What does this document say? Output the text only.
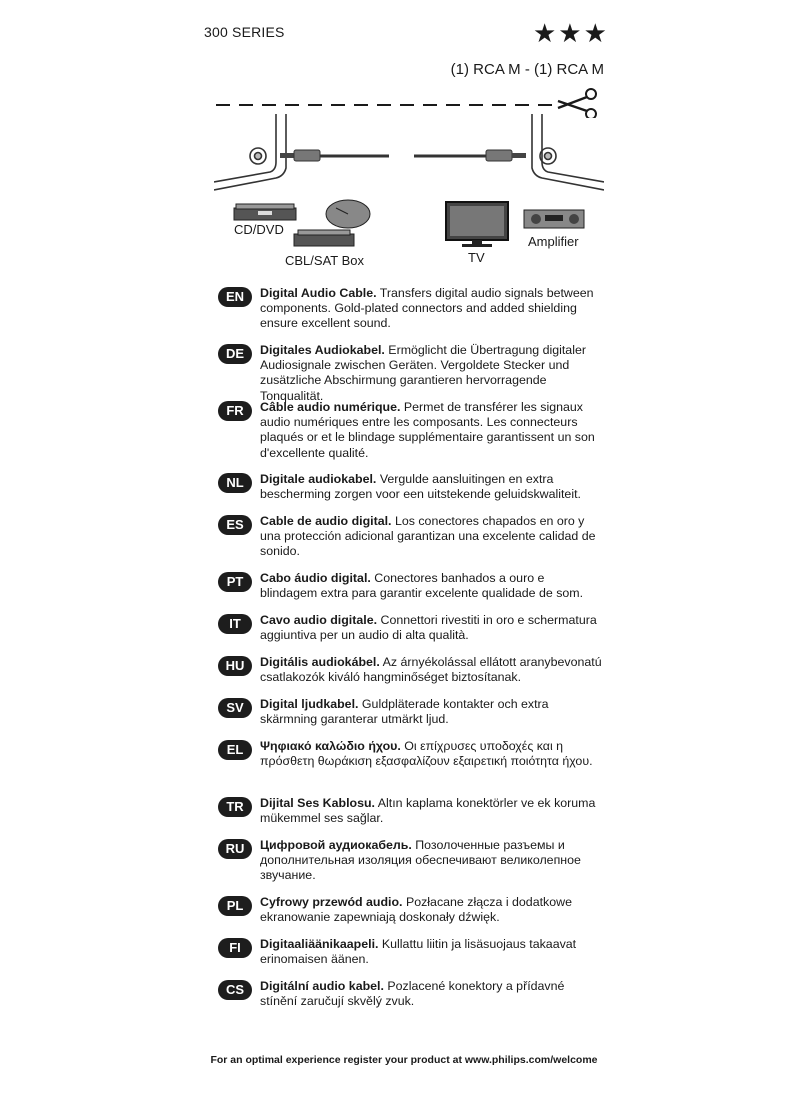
300 SERIES	★★★
(1) RCA M - (1) RCA M
CD/DVD
CBL/SAT Box	TV
Amplifier
EN	Digital Audio Cable. Transfers digital audio signals between components. Gold-plated connectors and added shielding ensure excellent sound.
DE	Digitales Audiokabel. Ermöglicht die Übertragung digitaler Audiosignale zwischen Geräten. Vergoldete Stecker und zusätzliche Abschirmung garantieren hervorragende Tonqualität.
FR	Câble audio numérique. Permet de transférer les signaux audio numériques entre les composants. Les connecteurs plaqués or et le blindage supplémentaire garantissent un son d'excellente qualité.
NL	Digitale audiokabel. Vergulde aansluitingen en extra bescherming zorgen voor een uitstekende geluidskwaliteit.
ES	Cable de audio digital. Los conectores chapados en oro y una protección adicional garantizan una excelente calidad de sonido.
PT	Cabo áudio digital. Conectores banhados a ouro e blindagem extra para garantir excelente qualidade de som.
IT	Cavo audio digitale. Connettori rivestiti in oro e schermatura aggiuntiva per un audio di alta qualità.
HU	Digitális audiokábel. Az árnyékolással ellátott aranybevonatú csatlakozók kiváló hangminőséget biztosítanak.
SV	Digital ljudkabel. Guldpläterade kontakter och extra skärmning garanterar utmärkt ljud.
EL	Ψηφιακό καλώδιο ήχου. Οι επίχρυσες υποδοχές και η πρόσθετη θωράκιση εξασφαλίζουν εξαιρετική ποιότητα ήχου.
TR	Dijital Ses Kablosu. Altın kaplama konektörler ve ek koruma mükemmel ses sağlar.
RU	Цифровой аудиокабель. Позолоченные разъемы и дополнительная изоляция обеспечивают великолепное звучание.
PL	Cyfrowy przewód audio. Pozłacane złącza i dodatkowe ekranowanie zapewniają doskonały dźwięk.
FI	Digitaaliäänikaapeli. Kullattu liitin ja lisäsuojaus takaavat erinomaisen äänen.
CS	Digitální audio kabel. Pozlacené konektory a přídavné stínění zaručují skvělý zvuk.
For an optimal experience register your product at www.philips.com/welcome
